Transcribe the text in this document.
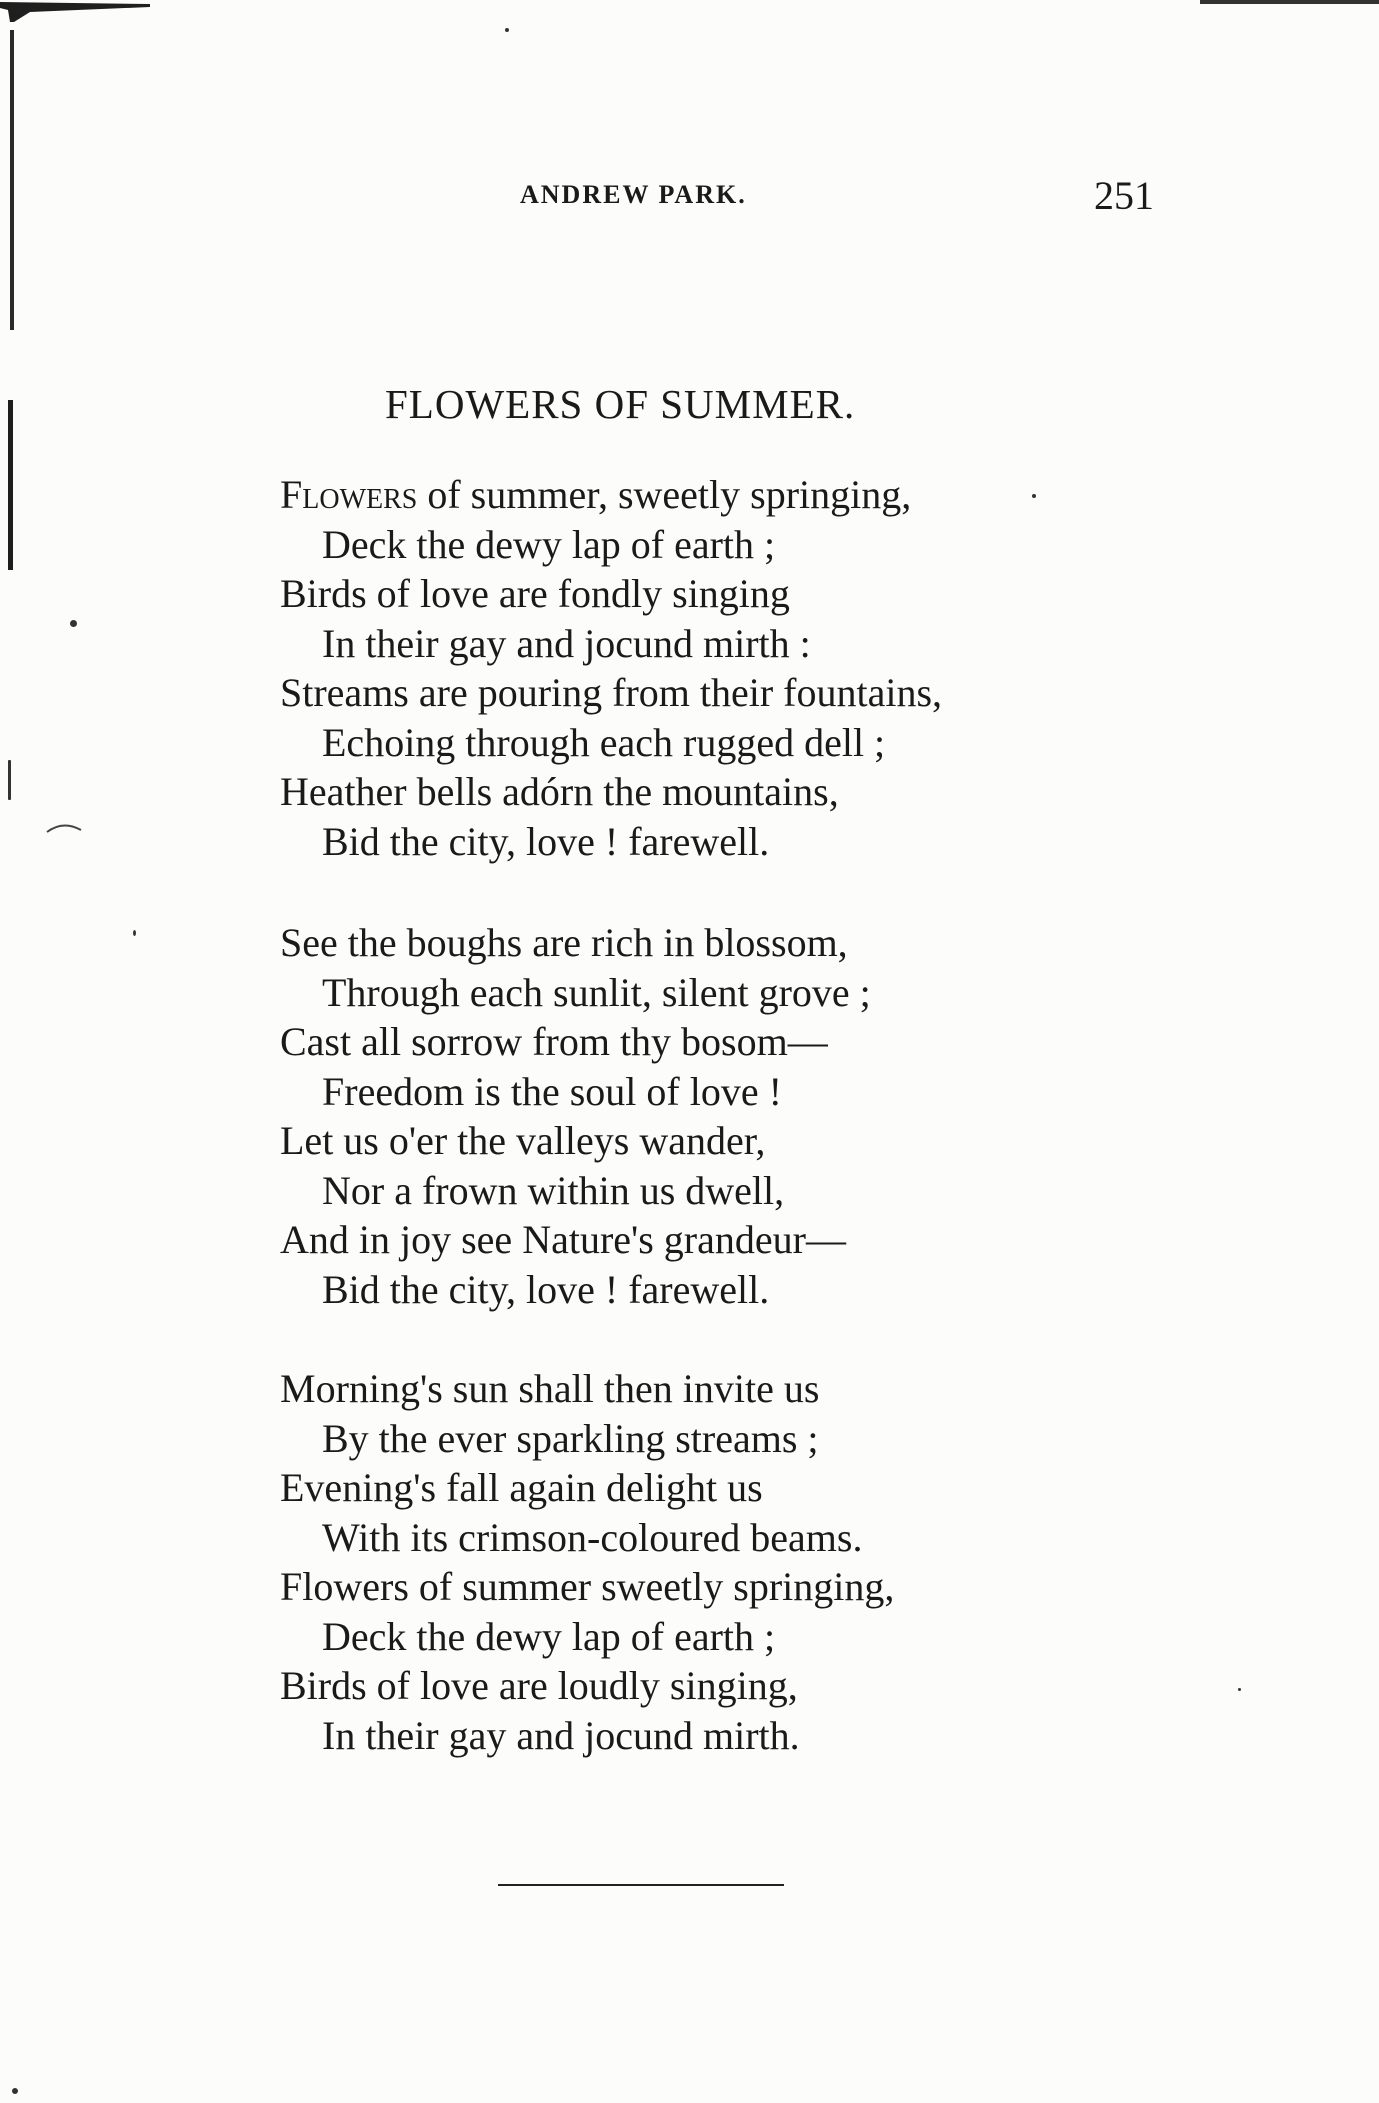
ANDREW PARK.	251
FLOWERS OF SUMMER.
Flowers of summer, sweetly springing,
Deck the dewy lap of earth ;
Birds of love are fondly singing
In their gay and jocund mirth :
Streams are pouring from their fountains,
Echoing through each rugged dell ;
Heather bells adórn the mountains,
Bid the city, love ! farewell.
See the boughs are rich in blossom,
Through each sunlit, silent grove ;
Cast all sorrow from thy bosom—
Freedom is the soul of love !
Let us o'er the valleys wander,
Nor a frown within us dwell,
And in joy see Nature's grandeur—
Bid the city, love ! farewell.
Morning's sun shall then invite us
By the ever sparkling streams ;
Evening's fall again delight us
With its crimson-coloured beams.
Flowers of summer sweetly springing,
Deck the dewy lap of earth ;
Birds of love are loudly singing,
In their gay and jocund mirth.
